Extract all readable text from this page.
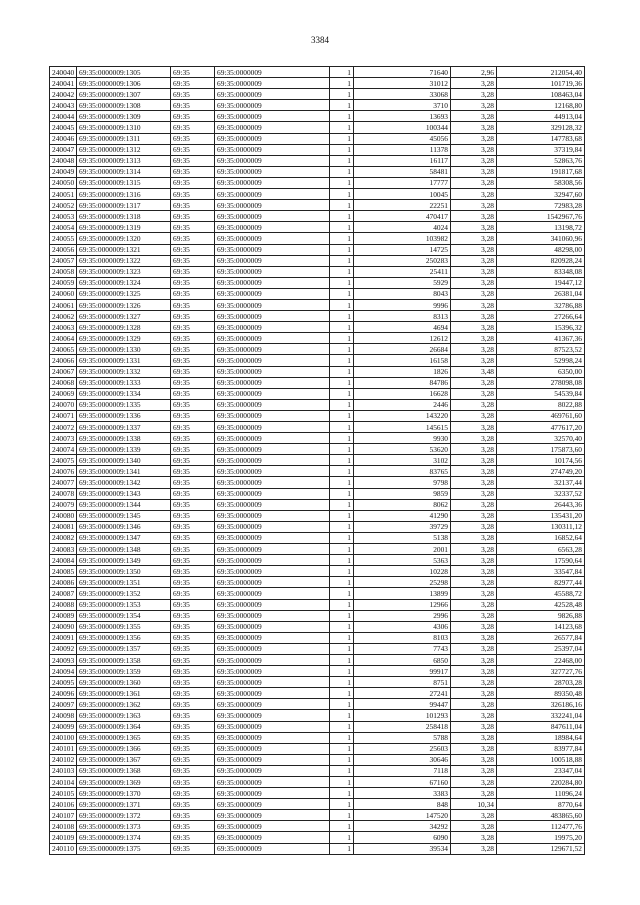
3384
240040	69:35:0000009:1305	69:35	69:35:0000009	1	71640	2,96	212054,40
240041	69:35:0000009:1306	69:35	69:35:0000009	1	31012	3,28	101719,36
240042	69:35:0000009:1307	69:35	69:35:0000009	1	33068	3,28	108463,04
240043	69:35:0000009:1308	69:35	69:35:0000009	1	3710	3,28	12168,80
240044	69:35:0000009:1309	69:35	69:35:0000009	1	13693	3,28	44913,04
240045	69:35:0000009:1310	69:35	69:35:0000009	1	100344	3,28	329128,32
240046	69:35:0000009:1311	69:35	69:35:0000009	1	45056	3,28	147783,68
240047	69:35:0000009:1312	69:35	69:35:0000009	1	11378	3,28	37319,84
240048	69:35:0000009:1313	69:35	69:35:0000009	1	16117	3,28	52863,76
240049	69:35:0000009:1314	69:35	69:35:0000009	1	58481	3,28	191817,68
240050	69:35:0000009:1315	69:35	69:35:0000009	1	17777	3,28	58308,56
240051	69:35:0000009:1316	69:35	69:35:0000009	1	10045	3,28	32947,60
240052	69:35:0000009:1317	69:35	69:35:0000009	1	22251	3,28	72983,28
240053	69:35:0000009:1318	69:35	69:35:0000009	1	470417	3,28	1542967,76
240054	69:35:0000009:1319	69:35	69:35:0000009	1	4024	3,28	13198,72
240055	69:35:0000009:1320	69:35	69:35:0000009	1	103982	3,28	341060,96
240056	69:35:0000009:1321	69:35	69:35:0000009	1	14725	3,28	48298,00
240057	69:35:0000009:1322	69:35	69:35:0000009	1	250283	3,28	820928,24
240058	69:35:0000009:1323	69:35	69:35:0000009	1	25411	3,28	83348,08
240059	69:35:0000009:1324	69:35	69:35:0000009	1	5929	3,28	19447,12
240060	69:35:0000009:1325	69:35	69:35:0000009	1	8043	3,28	26381,04
240061	69:35:0000009:1326	69:35	69:35:0000009	1	9996	3,28	32786,88
240062	69:35:0000009:1327	69:35	69:35:0000009	1	8313	3,28	27266,64
240063	69:35:0000009:1328	69:35	69:35:0000009	1	4694	3,28	15396,32
240064	69:35:0000009:1329	69:35	69:35:0000009	1	12612	3,28	41367,36
240065	69:35:0000009:1330	69:35	69:35:0000009	1	26684	3,28	87523,52
240066	69:35:0000009:1331	69:35	69:35:0000009	1	16158	3,28	52998,24
240067	69:35:0000009:1332	69:35	69:35:0000009	1	1826	3,48	6350,00
240068	69:35:0000009:1333	69:35	69:35:0000009	1	84786	3,28	278098,08
240069	69:35:0000009:1334	69:35	69:35:0000009	1	16628	3,28	54539,84
240070	69:35:0000009:1335	69:35	69:35:0000009	1	2446	3,28	8022,88
240071	69:35:0000009:1336	69:35	69:35:0000009	1	143220	3,28	469761,60
240072	69:35:0000009:1337	69:35	69:35:0000009	1	145615	3,28	477617,20
240073	69:35:0000009:1338	69:35	69:35:0000009	1	9930	3,28	32570,40
240074	69:35:0000009:1339	69:35	69:35:0000009	1	53620	3,28	175873,60
240075	69:35:0000009:1340	69:35	69:35:0000009	1	3102	3,28	10174,56
240076	69:35:0000009:1341	69:35	69:35:0000009	1	83765	3,28	274749,20
240077	69:35:0000009:1342	69:35	69:35:0000009	1	9798	3,28	32137,44
240078	69:35:0000009:1343	69:35	69:35:0000009	1	9859	3,28	32337,52
240079	69:35:0000009:1344	69:35	69:35:0000009	1	8062	3,28	26443,36
240080	69:35:0000009:1345	69:35	69:35:0000009	1	41290	3,28	135431,20
240081	69:35:0000009:1346	69:35	69:35:0000009	1	39729	3,28	130311,12
240082	69:35:0000009:1347	69:35	69:35:0000009	1	5138	3,28	16852,64
240083	69:35:0000009:1348	69:35	69:35:0000009	1	2001	3,28	6563,28
240084	69:35:0000009:1349	69:35	69:35:0000009	1	5363	3,28	17590,64
240085	69:35:0000009:1350	69:35	69:35:0000009	1	10228	3,28	33547,84
240086	69:35:0000009:1351	69:35	69:35:0000009	1	25298	3,28	82977,44
240087	69:35:0000009:1352	69:35	69:35:0000009	1	13899	3,28	45588,72
240088	69:35:0000009:1353	69:35	69:35:0000009	1	12966	3,28	42528,48
240089	69:35:0000009:1354	69:35	69:35:0000009	1	2996	3,28	9826,88
240090	69:35:0000009:1355	69:35	69:35:0000009	1	4306	3,28	14123,68
240091	69:35:0000009:1356	69:35	69:35:0000009	1	8103	3,28	26577,84
240092	69:35:0000009:1357	69:35	69:35:0000009	1	7743	3,28	25397,04
240093	69:35:0000009:1358	69:35	69:35:0000009	1	6850	3,28	22468,00
240094	69:35:0000009:1359	69:35	69:35:0000009	1	99917	3,28	327727,76
240095	69:35:0000009:1360	69:35	69:35:0000009	1	8751	3,28	28703,28
240096	69:35:0000009:1361	69:35	69:35:0000009	1	27241	3,28	89350,48
240097	69:35:0000009:1362	69:35	69:35:0000009	1	99447	3,28	326186,16
240098	69:35:0000009:1363	69:35	69:35:0000009	1	101293	3,28	332241,04
240099	69:35:0000009:1364	69:35	69:35:0000009	1	258418	3,28	847611,04
240100	69:35:0000009:1365	69:35	69:35:0000009	1	5788	3,28	18984,64
240101	69:35:0000009:1366	69:35	69:35:0000009	1	25603	3,28	83977,84
240102	69:35:0000009:1367	69:35	69:35:0000009	1	30646	3,28	100518,88
240103	69:35:0000009:1368	69:35	69:35:0000009	1	7118	3,28	23347,04
240104	69:35:0000009:1369	69:35	69:35:0000009	1	67160	3,28	220284,80
240105	69:35:0000009:1370	69:35	69:35:0000009	1	3383	3,28	11096,24
240106	69:35:0000009:1371	69:35	69:35:0000009	1	848	10,34	8770,64
240107	69:35:0000009:1372	69:35	69:35:0000009	1	147520	3,28	483865,60
240108	69:35:0000009:1373	69:35	69:35:0000009	1	34292	3,28	112477,76
240109	69:35:0000009:1374	69:35	69:35:0000009	1	6090	3,28	19975,20
240110	69:35:0000009:1375	69:35	69:35:0000009	1	39534	3,28	129671,52
